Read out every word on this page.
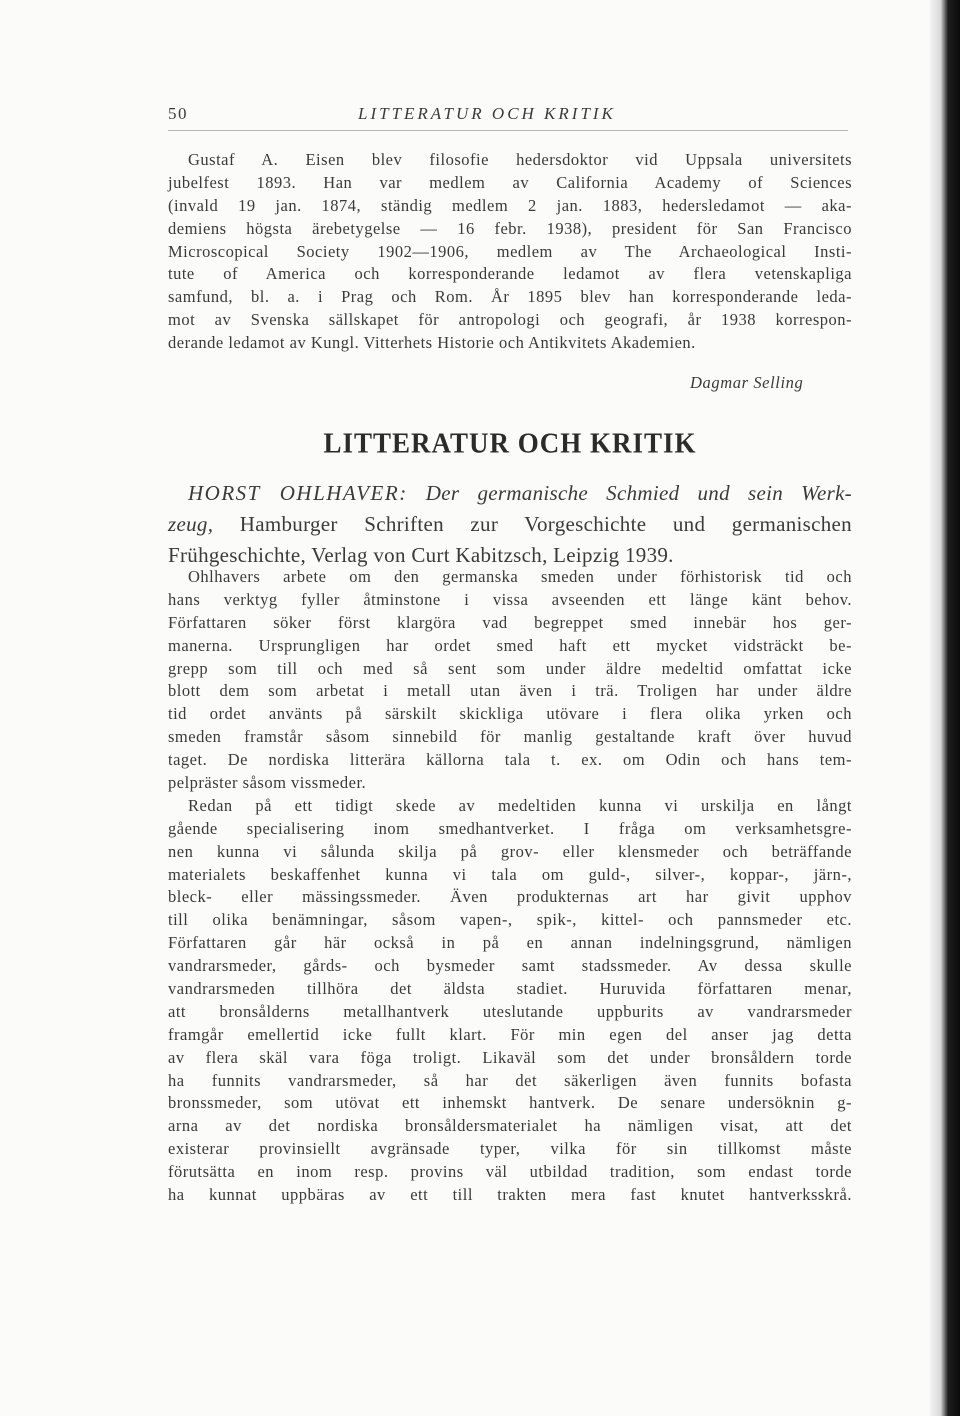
50	LITTERATUR OCH KRITIK
Gustaf A. Eisen blev filosofie hedersdoktor vid Uppsala universitets
jubelfest 1893. Han var medlem av California Academy of Sciences
(invald 19 jan. 1874, ständig medlem 2 jan. 1883, hedersledamot — aka-
demiens högsta ärebetygelse — 16 febr. 1938), president för San Francisco
Microscopical Society 1902—1906, medlem av The Archaeological Insti-
tute of America och korresponderande ledamot av flera vetenskapliga
samfund, bl. a. i Prag och Rom. År 1895 blev han korresponderande leda-
mot av Svenska sällskapet för antropologi och geografi, år 1938 korrespon-
derande ledamot av Kungl. Vitterhets Historie och Antikvitets Akademien.
Dagmar Selling
LITTERATUR OCH KRITIK
HORST OHLHAVER: Der germanische Schmied und sein Werk-
zeug, Hamburger Schriften zur Vorgeschichte und germanischen
Frühgeschichte, Verlag von Curt Kabitzsch, Leipzig 1939.
Ohlhavers arbete om den germanska smeden under förhistorisk tid och
hans verktyg fyller åtminstone i vissa avseenden ett länge känt behov.
Författaren söker först klargöra vad begreppet smed innebär hos ger-
manerna. Ursprungligen har ordet smed haft ett mycket vidsträckt be-
grepp som till och med så sent som under äldre medeltid omfattat icke
blott dem som arbetat i metall utan även i trä. Troligen har under äldre
tid ordet använts på särskilt skickliga utövare i flera olika yrken och
smeden framstår såsom sinnebild för manlig gestaltande kraft över huvud
taget. De nordiska litterära källorna tala t. ex. om Odin och hans tem-
pelpräster såsom vissmeder.
Redan på ett tidigt skede av medeltiden kunna vi urskilja en långt
gående specialisering inom smedhantverket. I fråga om verksamhetsgre-
nen kunna vi sålunda skilja på grov- eller klensmeder och beträffande
materialets beskaffenhet kunna vi tala om guld-, silver-, koppar-, järn-,
bleck- eller mässingssmeder. Även produkternas art har givit upphov
till olika benämningar, såsom vapen-, spik-, kittel- och pannsmeder etc.
Författaren går här också in på en annan indelningsgrund, nämligen
vandrarsmeder, gårds- och bysmeder samt stadssmeder. Av dessa skulle
vandrarsmeden tillhöra det äldsta stadiet. Huruvida författaren menar,
att bronsålderns metallhantverk uteslutande uppburits av vandrarsmeder
framgår emellertid icke fullt klart. För min egen del anser jag detta
av flera skäl vara föga troligt. Likaväl som det under bronsåldern torde
ha funnits vandrarsmeder, så har det säkerligen även funnits bofasta
bronssmeder, som utövat ett inhemskt hantverk. De senare undersöknin g-
arna av det nordiska bronsåldersmaterialet ha nämligen visat, att det
existerar provinsiellt avgränsade typer, vilka för sin tillkomst måste
förutsätta en inom resp. provins väl utbildad tradition, som endast torde
ha kunnat uppbäras av ett till trakten mera fast knutet hantverksskrå.
